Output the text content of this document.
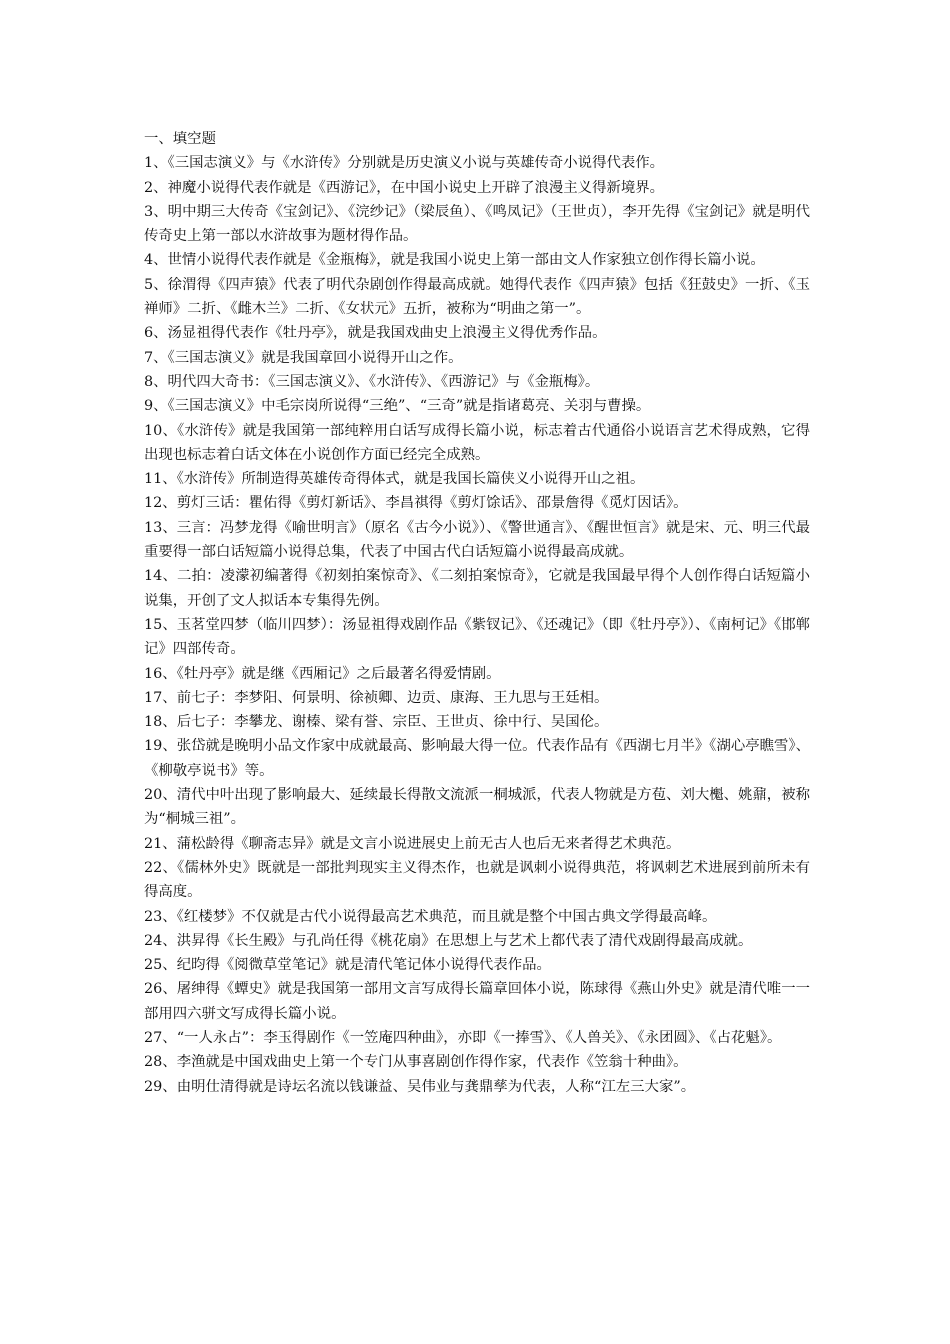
一、填空题

1、《三国志演义》与《水浒传》分别就是历史演义小说与英雄传奇小说得代表作。

2、神魔小说得代表作就是《西游记》，在中国小说史上开辟了浪漫主义得新境界。

3、明中期三大传奇《宝剑记》、《浣纱记》（梁辰鱼）、《鸣凤记》（王世贞），李开先得《宝剑记》就是明代传奇史上第一部以水浒故事为题材得作品。

4、世情小说得代表作就是《金瓶梅》，就是我国小说史上第一部由文人作家独立创作得长篇小说。

5、徐渭得《四声猿》代表了明代杂剧创作得最高成就。她得代表作《四声猿》包括《狂鼓史》一折、《玉禅师》二折、《雌木兰》二折、《女状元》五折，被称为“明曲之第一”。

6、汤显祖得代表作《牡丹亭》，就是我国戏曲史上浪漫主义得优秀作品。

7、《三国志演义》就是我国章回小说得开山之作。

8、明代四大奇书：《三国志演义》、《水浒传》、《西游记》与《金瓶梅》。

9、《三国志演义》中毛宗岗所说得“三绝”、“三奇”就是指诸葛亮、关羽与曹操。

10、《水浒传》就是我国第一部纯粹用白话写成得长篇小说，标志着古代通俗小说语言艺术得成熟，它得出现也标志着白话文体在小说创作方面已经完全成熟。

11、《水浒传》所制造得英雄传奇得体式，就是我国长篇侠义小说得开山之祖。

12、剪灯三话：瞿佑得《剪灯新话》、李昌祺得《剪灯馀话》、邵景詹得《觅灯因话》。

13、三言：冯梦龙得《喻世明言》（原名《古今小说》）、《警世通言》、《醒世恒言》就是宋、元、明三代最重要得一部白话短篇小说得总集，代表了中国古代白话短篇小说得最高成就。

14、二拍：凌濛初编著得《初刻拍案惊奇》、《二刻拍案惊奇》，它就是我国最早得个人创作得白话短篇小说集，开创了文人拟话本专集得先例。

15、玉茗堂四梦（临川四梦）：汤显祖得戏剧作品《紫钗记》、《还魂记》（即《牡丹亭》）、《南柯记》《邯郸记》四部传奇。

16、《牡丹亭》就是继《西厢记》之后最著名得爱情剧。

17、前七子：李梦阳、何景明、徐祯卿、边贡、康海、王九思与王廷相。

18、后七子：李攀龙、谢榛、梁有誉、宗臣、王世贞、徐中行、吴国伦。

19、张岱就是晚明小品文作家中成就最高、影响最大得一位。代表作品有《西湖七月半》《湖心亭瞧雪》、《柳敬亭说书》等。

20、清代中叶出现了影响最大、延续最长得散文流派一桐城派，代表人物就是方苞、刘大櫆、姚鼐，被称为“桐城三祖”。

21、蒲松龄得《聊斋志异》就是文言小说进展史上前无古人也后无来者得艺术典范。

22、《儒林外史》既就是一部批判现实主义得杰作，也就是讽刺小说得典范，将讽刺艺术进展到前所未有得高度。

23、《红楼梦》不仅就是古代小说得最高艺术典范，而且就是整个中国古典文学得最高峰。

24、洪昇得《长生殿》与孔尚任得《桃花扇》在思想上与艺术上都代表了清代戏剧得最高成就。

25、纪昀得《阅微草堂笔记》就是清代笔记体小说得代表作品。

26、屠绅得《蟫史》就是我国第一部用文言写成得长篇章回体小说，陈球得《燕山外史》就是清代唯一一部用四六骈文写成得长篇小说。

27、“一人永占”：李玉得剧作《一笠庵四种曲》，亦即《一捧雪》、《人兽关》、《永团圆》、《占花魁》。

28、李渔就是中国戏曲史上第一个专门从事喜剧创作得作家，代表作《笠翁十种曲》。

29、由明仕清得就是诗坛名流以钱谦益、吴伟业与龚鼎孳为代表，人称“江左三大家”。
